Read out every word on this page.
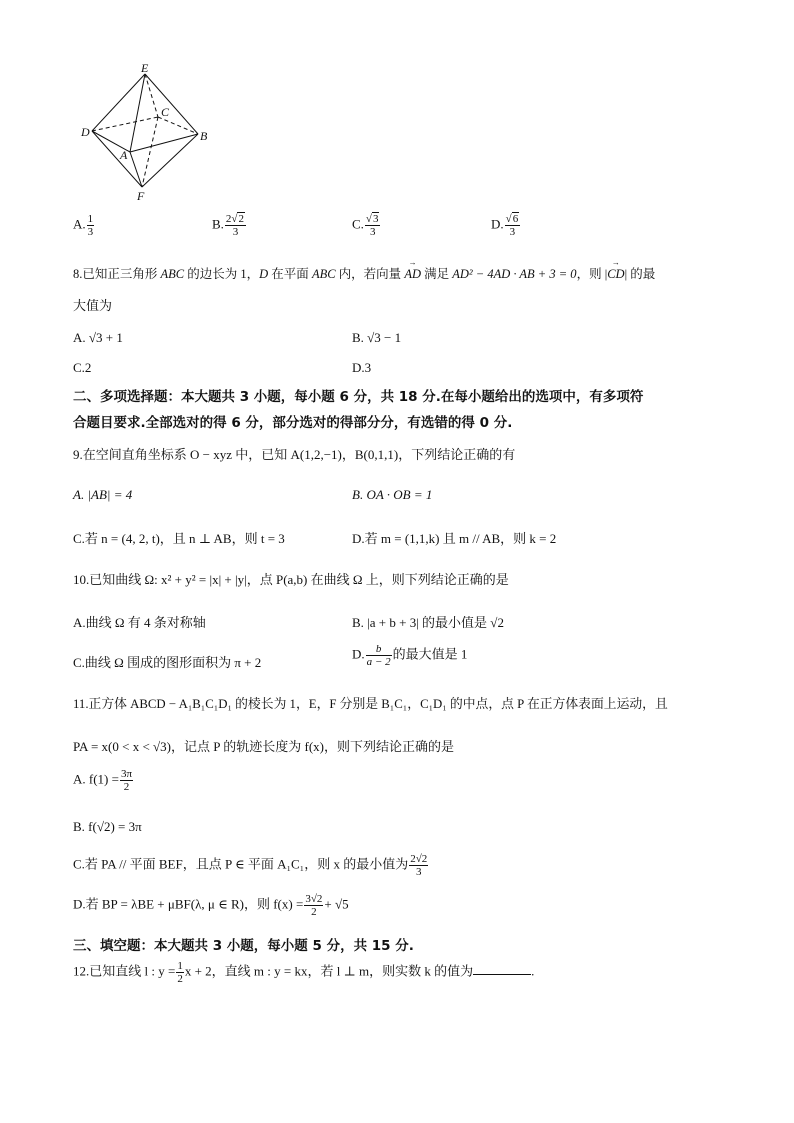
E
C
D	B
A
F
A. $\frac{1}{3}$	B. $\frac{2√2}{3}$	C. $\frac{√3}{3}$	D. $\frac{√6}{3}$
8.已知正三角形 ABC 的边长为 1，D 在平面 ABC 内，若向量 → AD 满足 AD² − 4AD · AB + 3 = 0，则 |→ CD| 的最
大值为
A. √3 + 1	B. √3 − 1
C.2	D.3
二、多项选择题：本大题共 3 小题，每小题 6 分，共 18 分.在每小题给出的选项中，有多项符
合题目要求.全部选对的得 6 分，部分选对的得部分分，有选错的得 0 分.
9.在空间直角坐标系 O − xyz 中，已知 A(1,2,−1)，B(0,1,1)，下列结论正确的有
A. |AB| = 4	B. OA · OB = 1
C.若 n = (4, 2, t)，且 n ⊥ AB，则 t = 3	D.若 m = (1,1,k) 且 m // AB，则 k = 2
10.已知曲线 Ω: x² + y² = |x| + |y|，点 P(a,b) 在曲线 Ω 上，则下列结论正确的是
A.曲线 Ω 有 4 条对称轴	B. |a + b + 3| 的最小值是 √2
C.曲线 Ω 围成的图形面积为 π + 2
D. $\frac{b}{a - 2}$ 的最大值是 1
11.正方体 ABCD − A₁B₁C₁D₁ 的棱长为 1，E，F 分别是 B₁C₁，C₁D₁ 的中点，点 P 在正方体表面上运动，且
PA = x(0 < x < √3)，记点 P 的轨迹长度为 f(x)，则下列结论正确的是
A. $f(1) = \frac{3\pi}{2}$
B. f(√2) = 3π
C.若 PA // 平面 BEF，且点 P ∈ 平面 A₁C₁，则 x 的最小值为 $\frac{2√2}{3}$
D.若 BP = λBE + μBF(λ, μ ∈ R)，则 $f(x) = \frac{3√2}{2} + √5$
三、填空题：本大题共 3 小题，每小题 5 分，共 15 分.
12.已知直线 l : $y = \frac{1}{2}$ x + 2，直线 m : y = kx，若 l ⊥ m，则实数 k 的值为	.
